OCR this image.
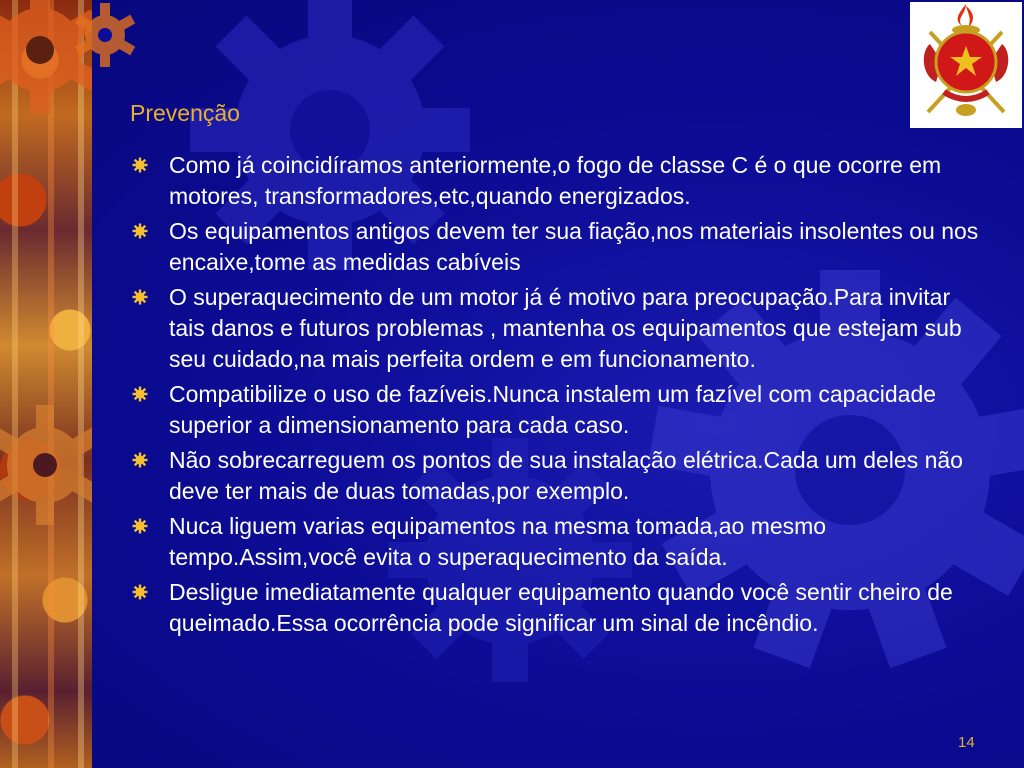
Prevenção
Como já coincidíramos anteriormente,o fogo de classe C é o que ocorre em motores, transformadores,etc,quando energizados.
Os equipamentos antigos devem ter sua fiação,nos materiais insolentes ou nos encaixe,tome as medidas cabíveis
O superaquecimento de um motor já é motivo para preocupação.Para invitar tais danos e futuros problemas , mantenha os equipamentos que estejam sub seu cuidado,na mais perfeita ordem e em funcionamento.
Compatibilize o uso de fazíveis.Nunca instalem um fazível com capacidade superior a dimensionamento para cada caso.
Não sobrecarreguem os pontos de sua instalação elétrica.Cada um deles não deve ter mais de duas tomadas,por exemplo.
Nuca liguem varias equipamentos na mesma tomada,ao mesmo tempo.Assim,você evita o superaquecimento da saída.
Desligue imediatamente qualquer equipamento quando você sentir cheiro de queimado.Essa ocorrência pode significar um sinal de incêndio.
14
